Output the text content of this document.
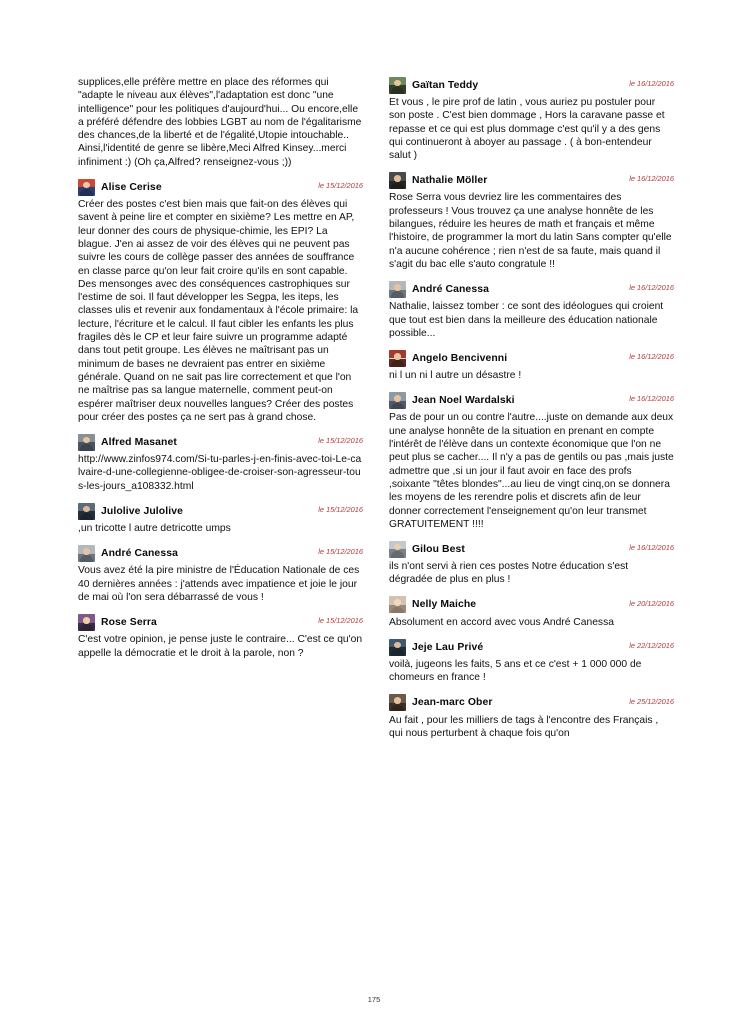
supplices,elle préfère mettre en place des réformes qui "adapte le niveau aux élèves",l'adaptation est donc "une intelligence" pour les politiques d'aujourd'hui... Ou encore,elle a préféré défendre des lobbies LGBT au nom de l'égalitarisme des chances,de la liberté et de l'égalité,Utopie intouchable.. Ainsi,l'identité de genre se libère,Meci Alfred Kinsey...merci infiniment :) (Oh ça,Alfred? renseignez-vous ;))

Alise Cerise	le 15/12/2016

Créer des postes c'est bien mais que fait-on des élèves qui savent à peine lire et compter en sixième? Les mettre en AP, leur donner des cours de physique-chimie, les EPI? La blague. J'en ai assez de voir des élèves qui ne peuvent pas suivre les cours de collège passer des années de souffrance en classe parce qu'on leur fait croire qu'ils en sont capable. Des mensonges avec des conséquences castrophiques sur l'estime de soi. Il faut développer les Segpa, les iteps, les classes ulis et revenir aux fondamentaux à l'école primaire: la lecture, l'écriture et le calcul. Il faut cibler les enfants les plus fragiles dès le CP et leur faire suivre un programme adapté dans tout petit groupe. Les élèves ne maîtrisant pas un minimum de bases ne devraient pas entrer en sixième générale. Quand on ne sait pas lire correctement et que l'on ne maîtrise pas sa langue maternelle, comment peut-on espérer maîtriser deux nouvelles langues? Créer des postes pour créer des postes ça ne sert pas à grand chose.

Alfred Masanet	le 15/12/2016

http://www.zinfos974.com/Si-tu-parles-j-en-finis-avec-toi-Le-calvaire-d-une-collegienne-obligee-de-croiser-son-agresseur-tous-les-jours_a108332.html

Julolive Julolive	le 15/12/2016

,un tricotte l autre detricotte umps

André Canessa	le 15/12/2016

Vous avez été la pire ministre de l'Éducation Nationale de ces 40 dernières années : j'attends avec impatience et joie le jour de mai où l'on sera débarrassé de vous !

Rose Serra	le 15/12/2016

C'est votre opinion, je pense juste le contraire... C'est ce qu'on appelle la démocratie et le droit à la parole, non ?

Gaïtan Teddy	le 16/12/2016

Et vous , le pire prof de latin , vous auriez pu postuler pour son poste . C'est bien dommage , Hors la caravane passe et repasse et ce qui est plus dommage c'est qu'il y a des gens qui continueront à aboyer au passage . ( à bon-entendeur salut )

Nathalie Möller	le 16/12/2016

Rose Serra vous devriez lire les commentaires des professeurs ! Vous trouvez ça une analyse honnête de les bilangues, réduire les heures de math et français et même l'histoire, de programmer la mort du latin Sans compter qu'elle n'a aucune cohérence ; rien n'est de sa faute, mais quand il s'agit du bac elle s'auto congratule !!

André Canessa	le 16/12/2016

Nathalie, laissez tomber : ce sont des idéologues qui croient que tout est bien dans la meilleure des éducation nationale possible...

Angelo Bencivenni	le 16/12/2016

ni l un ni l autre un désastre !

Jean Noel Wardalski	le 16/12/2016

Pas de pour un ou contre l'autre....juste on demande aux deux une analyse honnête de la situation en prenant en compte l'intérêt de l'élève dans un contexte économique que l'on ne peut plus se cacher.... Il n'y a pas de gentils ou pas ,mais juste admettre que ,si un jour il faut avoir en face des profs ,soixante "têtes blondes"...au lieu de vingt cinq,on se donnera les moyens de les rerendre polis et discrets afin de leur donner correctement l'enseignement qu'on leur transmet GRATUITEMENT !!!!

Gilou Best	le 16/12/2016

ils n'ont servi à rien ces postes Notre éducation s'est dégradée de plus en plus !

Nelly Maiche	le 20/12/2016

Absolument en accord avec vous André Canessa

Jeje Lau Privé	le 22/12/2016

voilà, jugeons les faits, 5 ans et ce c'est + 1 000 000 de chomeurs en france !

Jean-marc Ober	le 25/12/2016

Au fait , pour les milliers de tags à l'encontre des Français , qui nous perturbent à chaque fois qu'on

175
